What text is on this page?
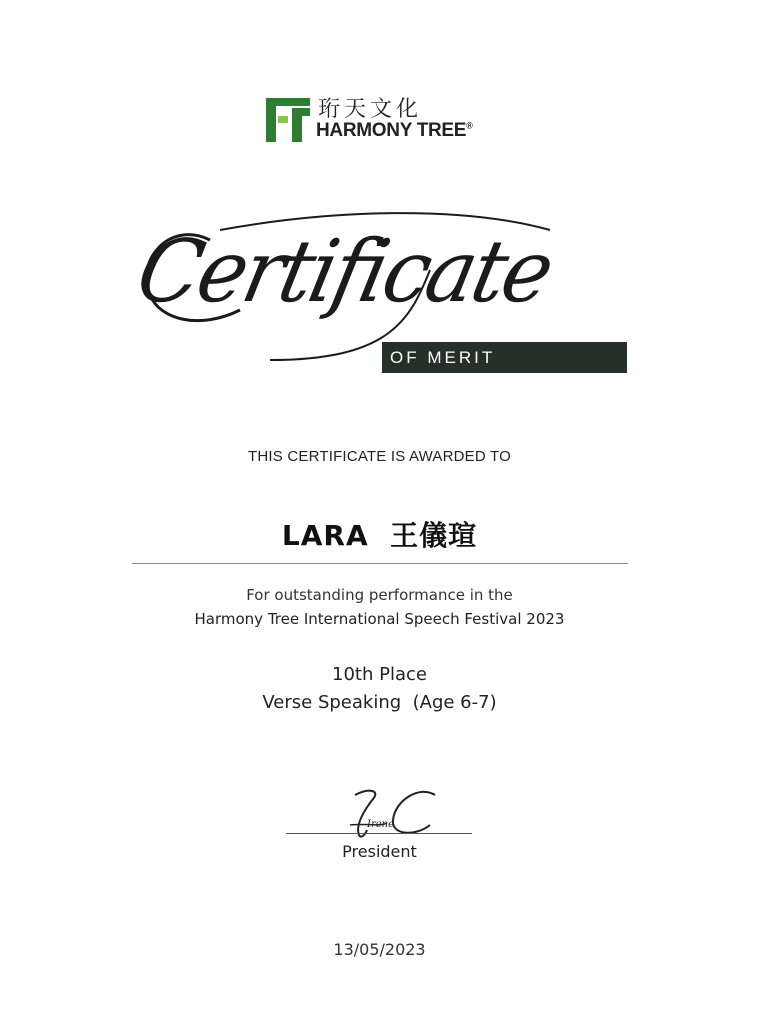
珩天文化
HARMONY TREE®
Certificate
OF MERIT
THIS CERTIFICATE IS AWARDED TO
LARA  王儀瑄
For outstanding performance in the
Harmony Tree International Speech Festival 2023
10th Place
Verse Speaking  (Age 6-7)
Irene
President
13/05/2023
